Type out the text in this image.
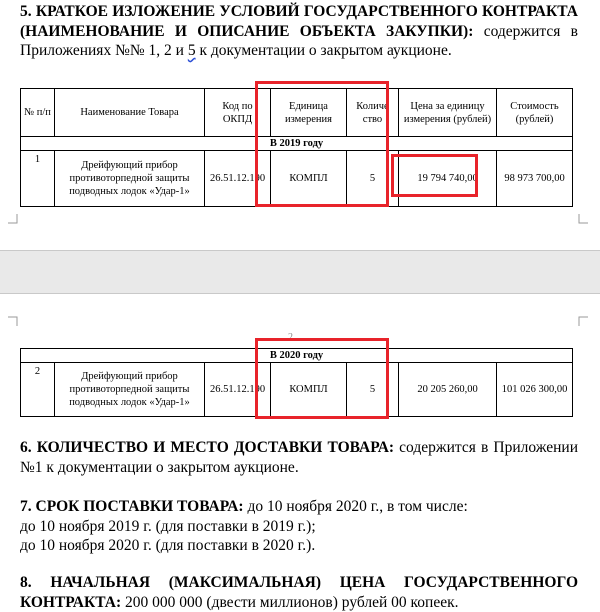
5. КРАТКОЕ ИЗЛОЖЕНИЕ УСЛОВИЙ ГОСУДАРСТВЕННОГО КОНТРАКТА (НАИМЕНОВАНИЕ И ОПИСАНИЕ ОБЪЕКТА ЗАКУПКИ): содержится в Приложениях №№ 1, 2 и 5 к документации о закрытом аукционе.
№ п/п	Наименование Товара	Код по ОКПД	Единица измерения	Количе ство	Цена за единицу измерения (рублей)	Стоимость (рублей)
В 2019 году						
1	Дрейфующий прибор противоторпедной защиты подводных лодок «Удар-1»	26.51.12.190	КОМПЛ	5	19 794 740,00	98 973 700,00
2
В 2020 году
2	Дрейфующий прибор противоторпедной защиты подводных лодок «Удар-1»	26.51.12.190	КОМПЛ	5	20 205 260,00	101 026 300,00
6. КОЛИЧЕСТВО И МЕСТО ДОСТАВКИ ТОВАРА: содержится в Приложении №1 к документации о закрытом аукционе.
7. СРОК ПОСТАВКИ ТОВАРА: до 10 ноября 2020 г., в том числе:
до 10 ноября 2019 г. (для поставки в 2019 г.);
до 10 ноября 2020 г. (для поставки в 2020 г.).
8. НАЧАЛЬНАЯ (МАКСИМАЛЬНАЯ) ЦЕНА ГОСУДАРСТВЕННОГО КОНТРАКТА: 200 000 000 (двести миллионов) рублей 00 копеек.
